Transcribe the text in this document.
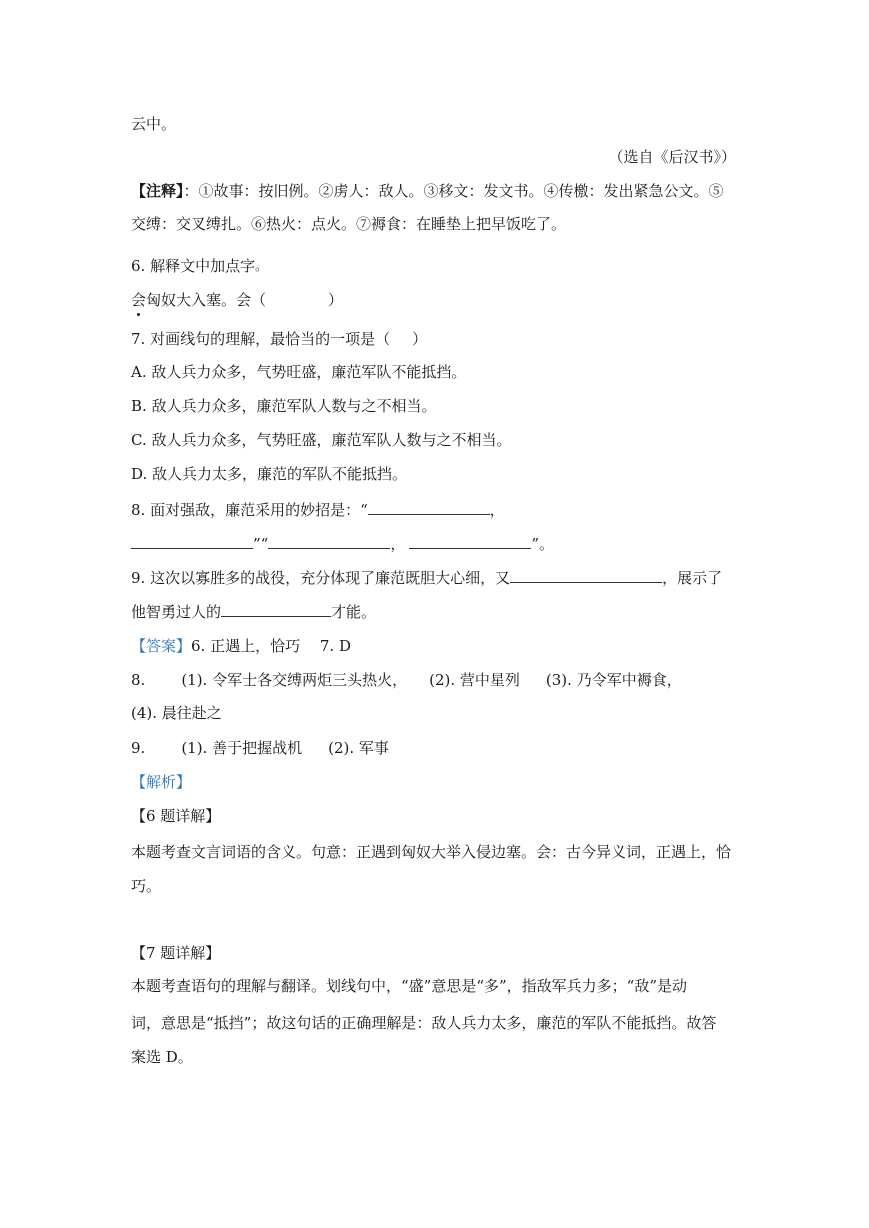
云中。
（选自《后汉书》）
【注释】：①故事：按旧例。②虏人：敌人。③移文：发文书。④传檄：发出紧急公文。⑤
交缚：交叉缚扎。⑥热火：点火。⑦褥食：在睡垫上把早饭吃了。
6. 解释文中加点字。
会匈奴大入塞。会（	）
7. 对画线句的理解，最恰当的一项是（ ）
A. 敌人兵力众多，气势旺盛，廉范军队不能抵挡。
B. 敌人兵力众多，廉范军队人数与之不相当。
C. 敌人兵力众多，气势旺盛，廉范军队人数与之不相当。
D. 敌人兵力太多，廉范的军队不能抵挡。
8. 面对强敌，廉范采用的妙招是：“	，
”“	，	”。
9. 这次以寡胜多的战役，充分体现了廉范既胆大心细，又	，展示了
他智勇过人的	才能。
【答案】6. 正遇上，恰巧　 7. D
8. (1). 令军士各交缚两炬三头热火， (2). 营中星列 (3). 乃令军中褥食，
(4). 晨往赴之
9. (1). 善于把握战机 (2). 军事
【解析】
【6 题详解】
本题考查文言词语的含义。句意：正遇到匈奴大举入侵边塞。会：古今异义词，正遇上，恰
巧。
【7 题详解】
本题考查语句的理解与翻译。划线句中，“盛”意思是“多”，指敌军兵力多；“敌”是动
词，意思是“抵挡”；故这句话的正确理解是：敌人兵力太多，廉范的军队不能抵挡。故答
案选 D。
